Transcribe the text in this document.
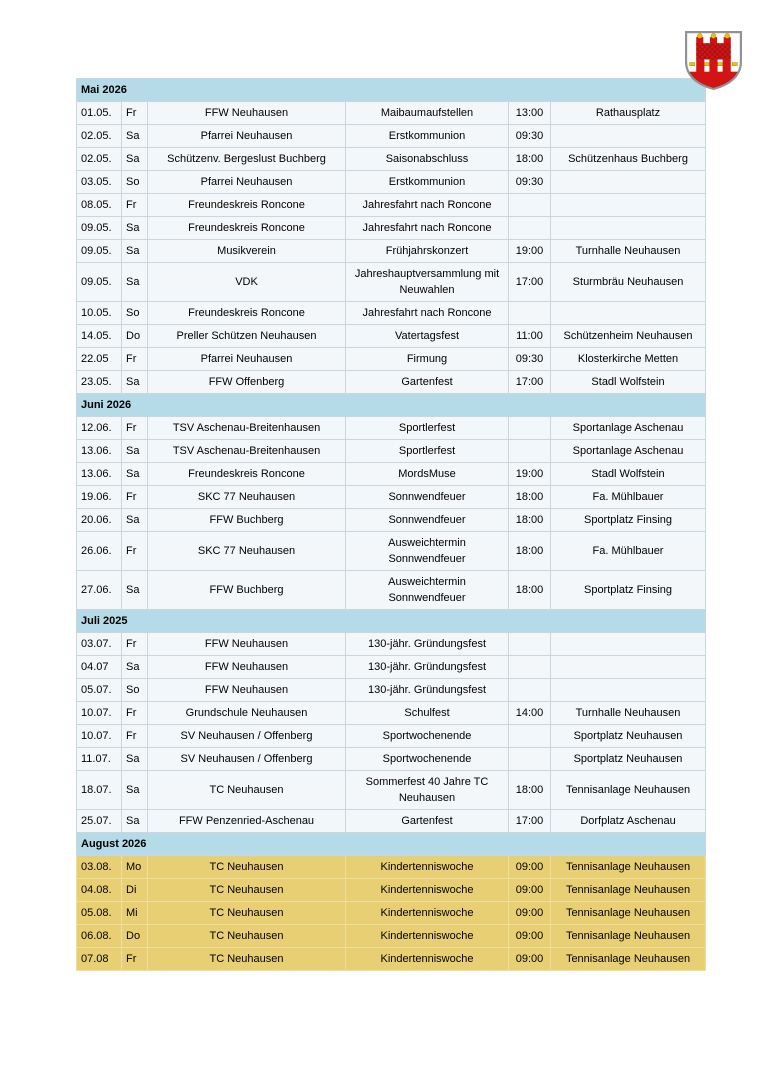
Mai 2026					
01.05.	Fr	FFW Neuhausen	Maibaumaufstellen	13:00	Rathausplatz
02.05.	Sa	Pfarrei Neuhausen	Erstkommunion	09:30	
02.05.	Sa	Schützenv. Bergeslust Buchberg	Saisonabschluss	18:00	Schützenhaus Buchberg
03.05.	So	Pfarrei Neuhausen	Erstkommunion	09:30	
08.05.	Fr	Freundeskreis Roncone	Jahresfahrt nach Roncone		
09.05.	Sa	Freundeskreis Roncone	Jahresfahrt nach Roncone		
09.05.	Sa	Musikverein	Frühjahrskonzert	19:00	Turnhalle Neuhausen
09.05.	Sa	VDK	Jahreshauptversammlung mit Neuwahlen	17:00	Sturmbräu Neuhausen
10.05.	So	Freundeskreis Roncone	Jahresfahrt nach Roncone		
14.05.	Do	Preller Schützen Neuhausen	Vatertagsfest	11:00	Schützenheim Neuhausen
22.05	Fr	Pfarrei Neuhausen	Firmung	09:30	Klosterkirche Metten
23.05.	Sa	FFW Offenberg	Gartenfest	17:00	Stadl Wolfstein
Juni 2026					
12.06.	Fr	TSV Aschenau-Breitenhausen	Sportlerfest		Sportanlage Aschenau
13.06.	Sa	TSV Aschenau-Breitenhausen	Sportlerfest		Sportanlage Aschenau
13.06.	Sa	Freundeskreis Roncone	MordsMuse	19:00	Stadl Wolfstein
19.06.	Fr	SKC 77 Neuhausen	Sonnwendfeuer	18:00	Fa. Mühlbauer
20.06.	Sa	FFW Buchberg	Sonnwendfeuer	18:00	Sportplatz Finsing
26.06.	Fr	SKC 77 Neuhausen	Ausweichtermin Sonnwendfeuer	18:00	Fa. Mühlbauer
27.06.	Sa	FFW Buchberg	Ausweichtermin Sonnwendfeuer	18:00	Sportplatz Finsing
Juli 2025					
03.07.	Fr	FFW Neuhausen	130-jähr. Gründungsfest		
04.07	Sa	FFW Neuhausen	130-jähr. Gründungsfest		
05.07.	So	FFW Neuhausen	130-jähr. Gründungsfest		
10.07.	Fr	Grundschule Neuhausen	Schulfest	14:00	Turnhalle Neuhausen
10.07.	Fr	SV Neuhausen / Offenberg	Sportwochenende		Sportplatz Neuhausen
11.07.	Sa	SV Neuhausen / Offenberg	Sportwochenende		Sportplatz Neuhausen
18.07.	Sa	TC Neuhausen	Sommerfest 40 Jahre TC Neuhausen	18:00	Tennisanlage Neuhausen
25.07.	Sa	FFW Penzenried-Aschenau	Gartenfest	17:00	Dorfplatz Aschenau
August 2026					
03.08.	Mo	TC Neuhausen	Kindertenniswoche	09:00	Tennisanlage Neuhausen
04.08.	Di	TC Neuhausen	Kindertenniswoche	09:00	Tennisanlage Neuhausen
05.08.	Mi	TC Neuhausen	Kindertenniswoche	09:00	Tennisanlage Neuhausen
06.08.	Do	TC Neuhausen	Kindertenniswoche	09:00	Tennisanlage Neuhausen
07.08	Fr	TC Neuhausen	Kindertenniswoche	09:00	Tennisanlage Neuhausen
